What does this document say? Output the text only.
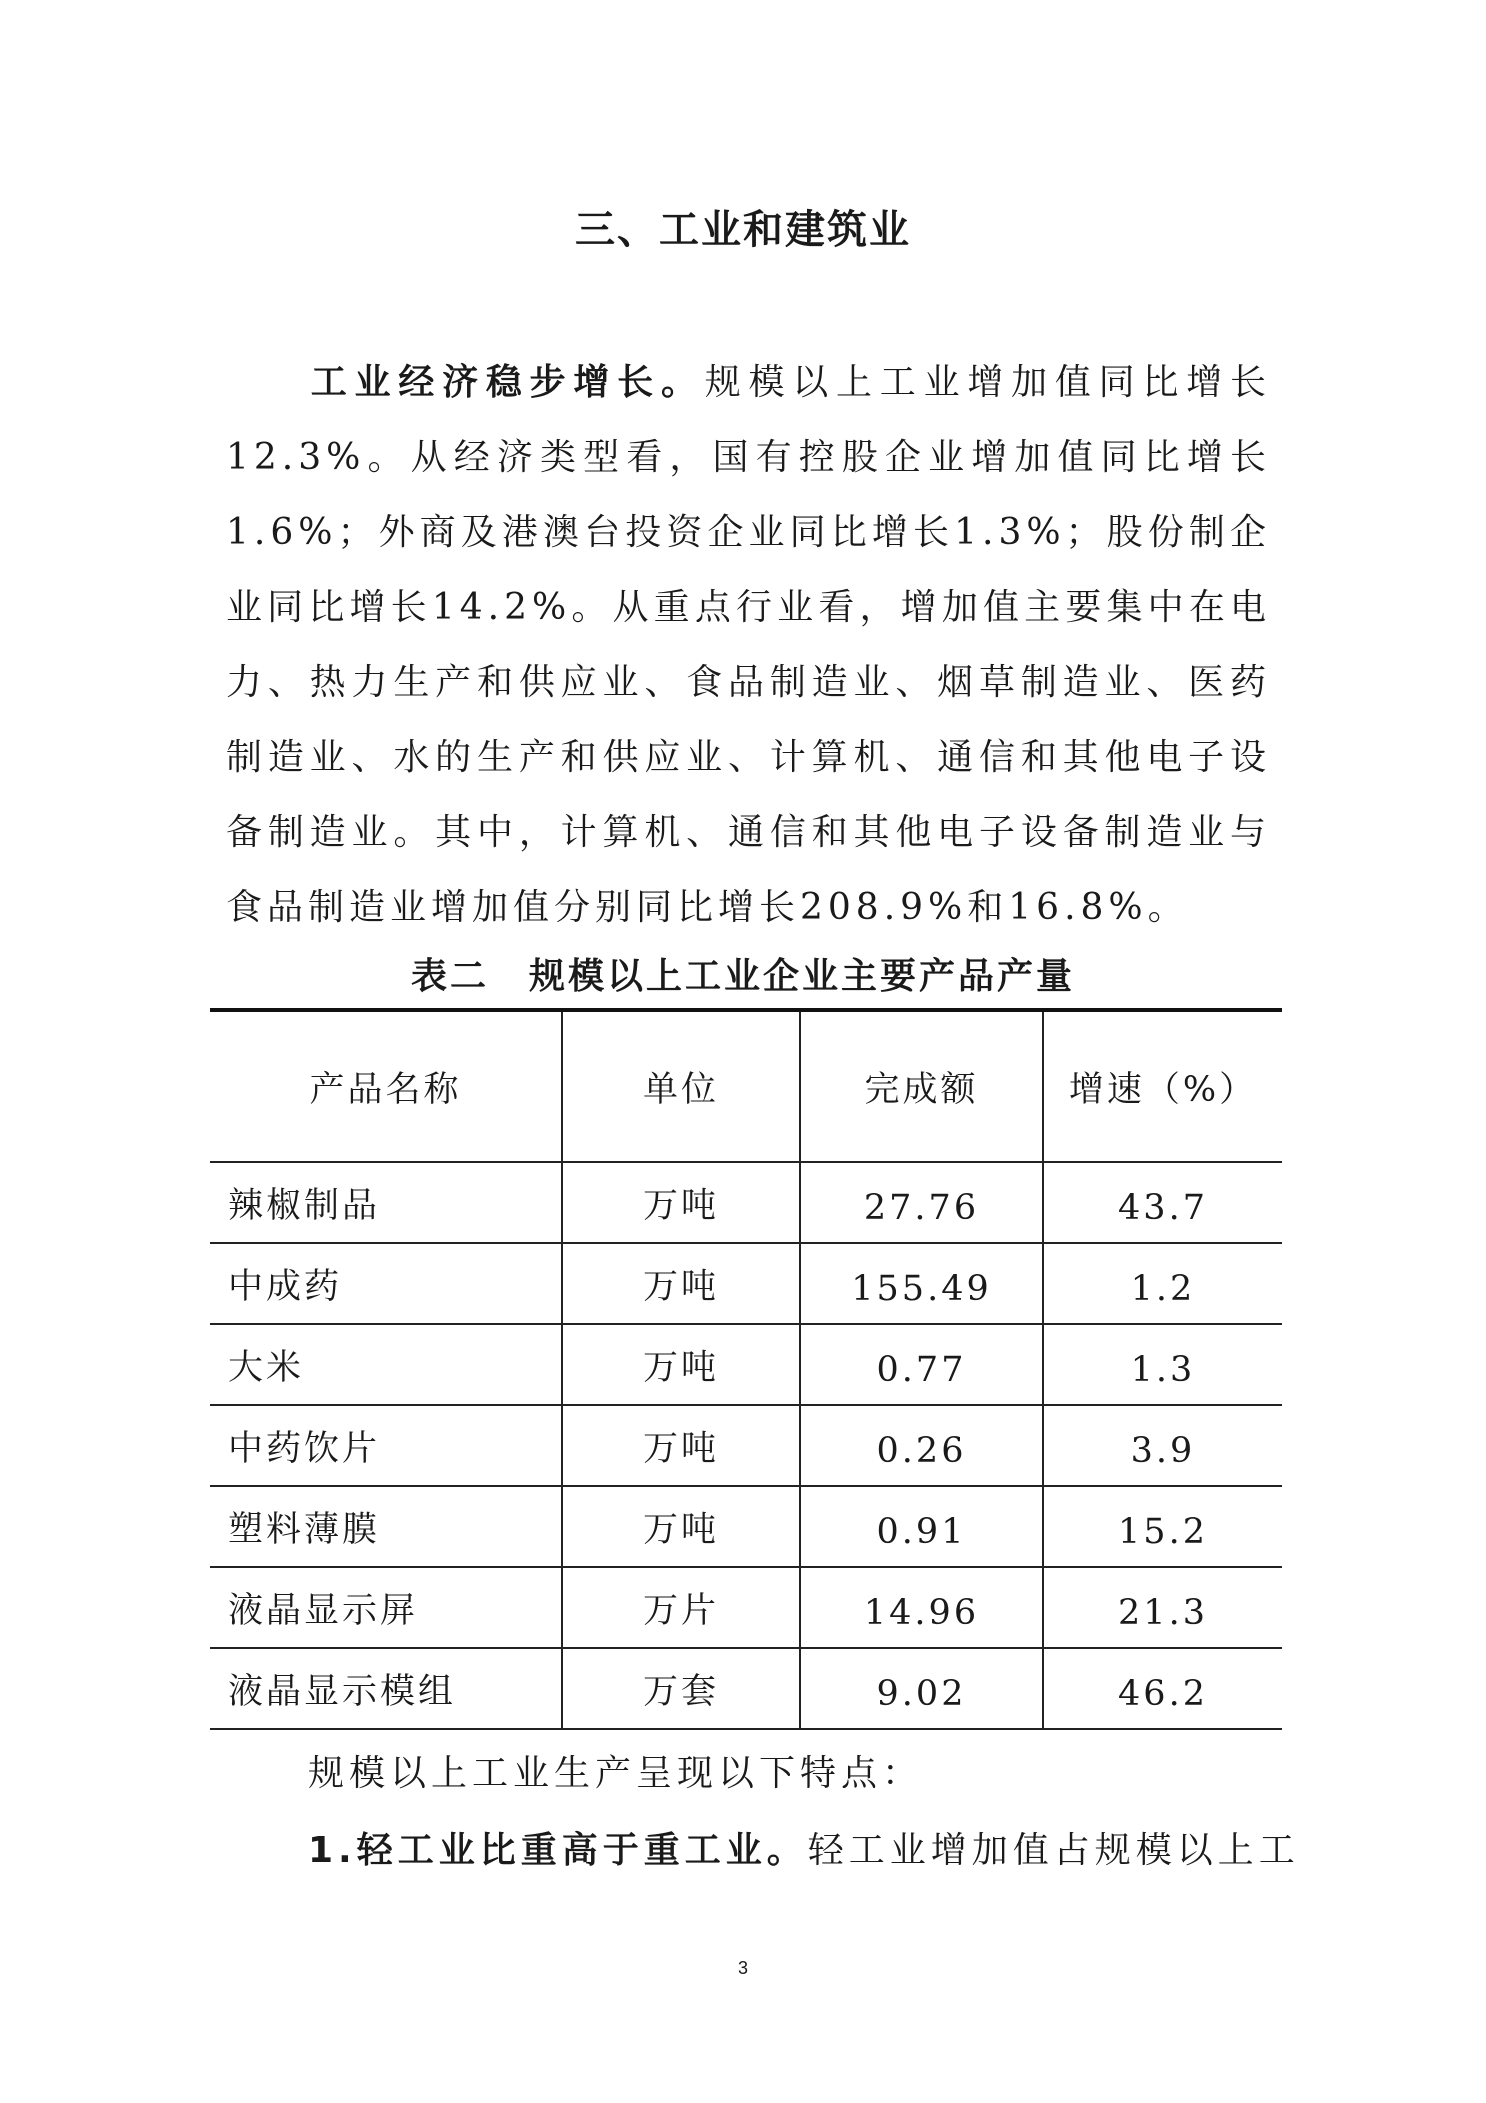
三、工业和建筑业

工业经济稳步增长。规模以上工业增加值同比增长12.3%。从经济类型看，国有控股企业增加值同比增长1.6%；外商及港澳台投资企业同比增长1.3%；股份制企业同比增长14.2%。从重点行业看，增加值主要集中在电力、热力生产和供应业、食品制造业、烟草制造业、医药制造业、水的生产和供应业、计算机、通信和其他电子设备制造业。其中，计算机、通信和其他电子设备制造业与食品制造业增加值分别同比增长208.9%和16.8%。

表二 规模以上工业企业主要产品产量
产品名称	单位	完成额	增速（%）
辣椒制品	万吨	27.76	43.7
中成药	万吨	155.49	1.2
大米	万吨	0.77	1.3
中药饮片	万吨	0.26	3.9
塑料薄膜	万吨	0.91	15.2
液晶显示屏	万片	14.96	21.3
液晶显示模组	万套	9.02	46.2
规模以上工业生产呈现以下特点：
1.轻工业比重高于重工业。轻工业增加值占规模以上工
3
